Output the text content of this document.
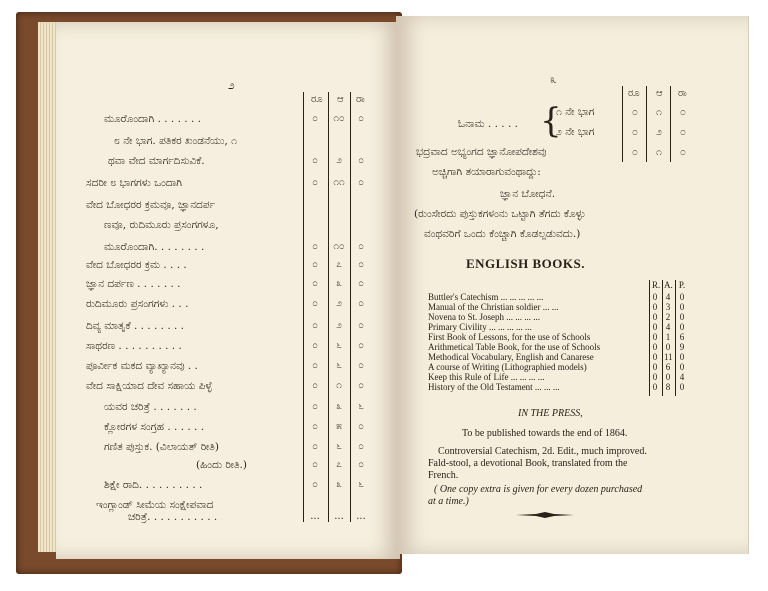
೨
ರೂ ಆ ರಾ
ಮೂರೊಂದಾಗಿ . . . . . . .	೦	೧೦	೦
೮ ನೇ ಭಾಗ. ಪತಿಕರ ಖಂಡನೆಯು, ೧
ಥವಾ ವೇದ ಮಾರ್ಗದಿಸುವಿಕೆ.	೦	೨	೦
ಸದರೀ ೮ ಭಾಗಗಳು ಒಂದಾಗಿ	೦	೧೧	೦
ವೇದ ಬೋಧರರ ಕ್ರಮವೂ, ಜ್ಞಾನದರ್ಪ
ಣವೂ, ರುದಿಮೂರು ಪ್ರಸಂಗಗಳೂ,
ಮೂರೊಂದಾಗಿ. . . . . . . .	೦	೧೦	೦
ವೇದ ಬೋಧರರ ಕ್ರಮ . . . .	೦	೭	೦
ಜ್ಞಾನ ದರ್ಪಣ . . . . . . .	೦	೩	೦
ರುದಿಮೂರು ಪ್ರಸಂಗಗಳು . . .	೦	೨	೦
ದಿವ್ಯ ಮಾತೃಕೆ . . . . . . . .	೦	೨	೦
ಸಾಥರಣ . . . . . . . . . .	೦	೬	೦
ಪೂರ್ವೀಕ ಮಕದ ವ್ಯಾಖ್ಯಾನವು . .	೦	೬	೦
ವೇದ ಸಾಕ್ಷಿಯಾದ ದೇವ ಸಹಾಯ ಪಿಳ್ಳೆ	೦	೧	೦
ಯವರ ಚರಿತ್ರೆ . . . . . . .	೦	೩	೬
ಕ್ಲೋರಗಳ ಸಂಗ್ರಹ . . . . . .	೦	೫	೦
ಗಣಿತ ಪುಸ್ತುಕ. (ವಿಲಾಯತ್ ರೀತಿ)	೦	೬	೦
(ಹಿಂದು ರೀತಿ.)	೦	೭	೦
ಶಿಕ್ಷೇ ರಾದಿ. . . . . . . . . .	೦	೩	೬
ಇಂಗ್ಲಾಂಡ್ ಸೀಮೆಯ ಸಂಕ್ಷೇಪವಾದ
ಚರಿತ್ರೆ. . . . . . . . . . .	...	...	...
೩
ರೂ ಆ ರಾ
ಓನಾಮ . . . . . {
೧ ನೇ ಭಾಗ	೦	೧	೦
೨ ನೇ ಭಾಗ	೦	೨	೦
ಭದ್ರವಾದ ಅಭ್ಯಂಗದ ಜ್ಞಾನೋಪದೇಶವು	೦	೧	೦
ಅಚ್ಚಿಗಾಗಿ ತಯಾರಾಗುವಂಥಾದ್ದು:
ಜ್ಞಾನ ಬೋಧನೆ.
(ರುಂಸೇರದು ಪುಸ್ತುಕಗಳಂನು ಒಟ್ಟಾಗಿ ತೆಗದು ಕೊಳ್ಳು
ವಂಥವರಿಗೆ ಒಂದು ಕೆಂಚ್ಚಾಗಿ ಕೊಡಲ್ಪಡುವದು.)
ENGLISH BOOKS.
R. A. P.
Buttler's Catechism ... ... ... ... ...	0 4 0
Manual of the Christian soldier ... ...	0 3 0
Novena to St. Joseph ... ... ... ...	0 2 0
Primary Civility ... ... ... ... ...	0 4 0
First Book of Lessons, for the use of Schools	0 1 6
Arithmetical Table Book, for the use of Schools	0 0 9
Methodical Vocabulary, English and Canarese	0 11 0
A course of Writing (Lithographied models)	0 6 0
Keep this Rule of Life ... ... ... ...	0 0 4
History of the Old Testament ... ... ...	0 8 0
IN THE PRESS,
To be published towards the end of 1864.
Controversial Catechism, 2d. Edit., much improved.
Fald-stool, a devotional Book, translated from the
French.
( One copy extra is given for every dozen purchased
at a time.)
